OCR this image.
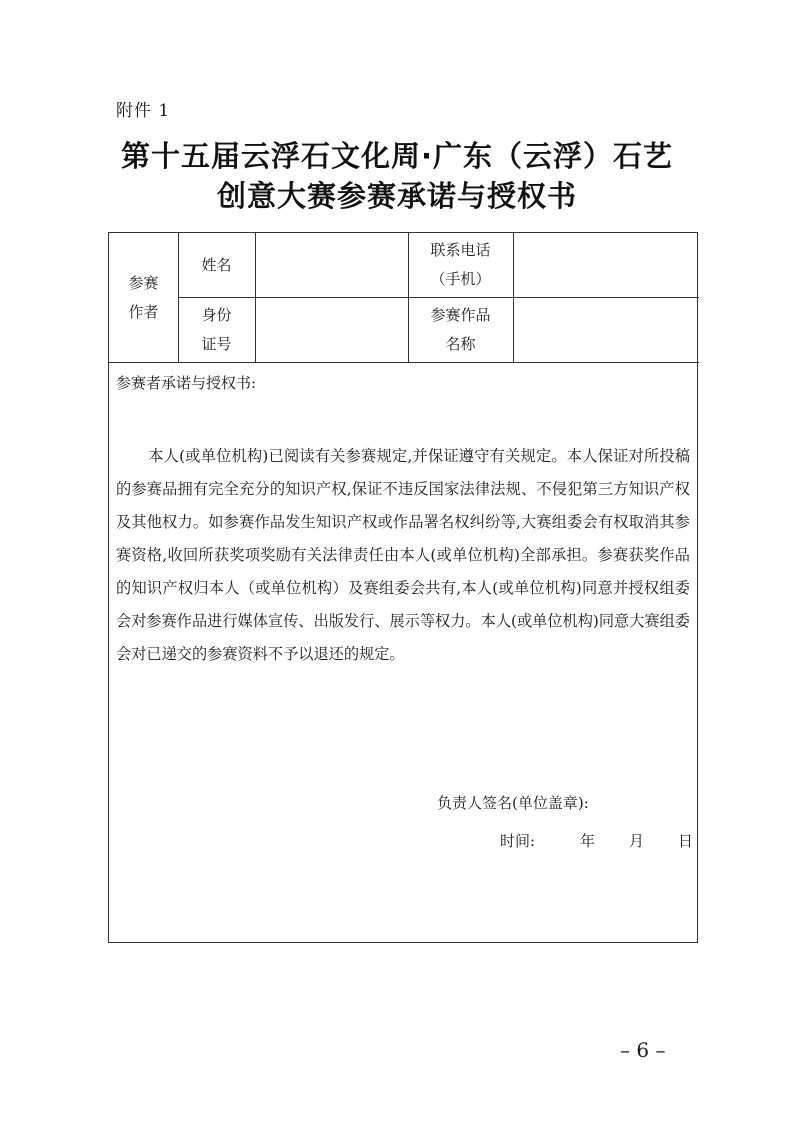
附件 1
第十五届云浮石文化周·广东（云浮）石艺
创意大赛参赛承诺与授权书
参赛
作者
姓名
联系电话
（手机）
身份
证号
参赛作品
名称
参赛者承诺与授权书:
本人(或单位机构)已阅读有关参赛规定,并保证遵守有关规定。本人保证对所投稿的参赛品拥有完全充分的知识产权,保证不违反国家法律法规、不侵犯第三方知识产权及其他权力。如参赛作品发生知识产权或作品署名权纠纷等,大赛组委会有权取消其参赛资格,收回所获奖项奖励有关法律责任由本人(或单位机构)全部承担。参赛获奖作品的知识产权归本人（或单位机构）及赛组委会共有,本人(或单位机构)同意并授权组委会对参赛作品进行媒体宣传、出版发行、展示等权力。本人(或单位机构)同意大赛组委会对已递交的参赛资料不予以退还的规定。
负责人签名(单位盖章):
时间:	年 月 日
– 6 –
